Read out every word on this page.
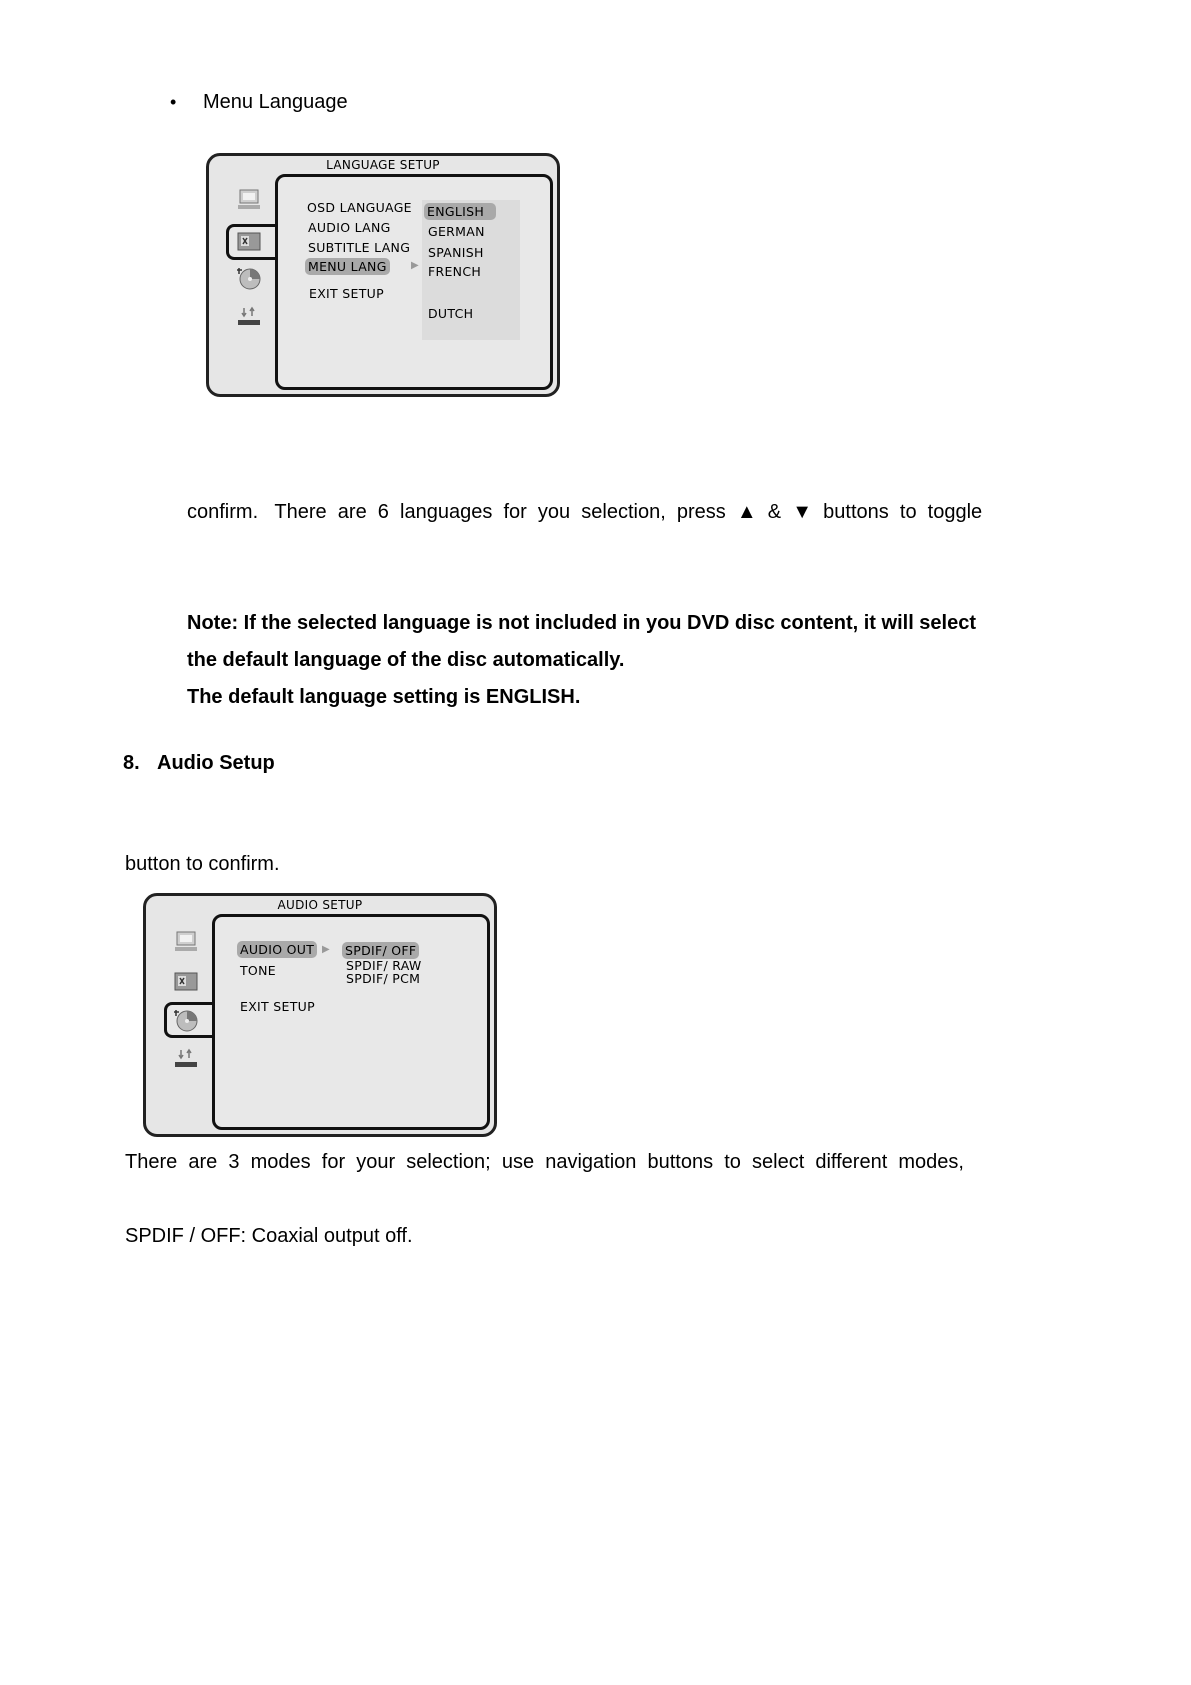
• Menu Language
LANGUAGE SETUP
OSD LANGUAGE
AUDIO LANG
SUBTITLE LANG
MENU LANG	▶
EXIT SETUP
ENGLISH
GERMAN
SPANISH
FRENCH
DUTCH
confirm.   There  are  6  languages  for  you  selection,  press  ▲  &  ▼  buttons  to  toggle
Note: If the selected language is not included in you DVD disc content, it will select
the default language of the disc automatically.
The default language setting is ENGLISH.
8. Audio Setup
button to confirm.
AUDIO SETUP
AUDIO OUT ▶
TONE
EXIT SETUP
SPDIF/ OFF
SPDIF/ RAW
SPDIF/ PCM
There  are  3  modes  for  your  selection;  use  navigation  buttons  to  select  different  modes,
SPDIF / OFF: Coaxial output off.
